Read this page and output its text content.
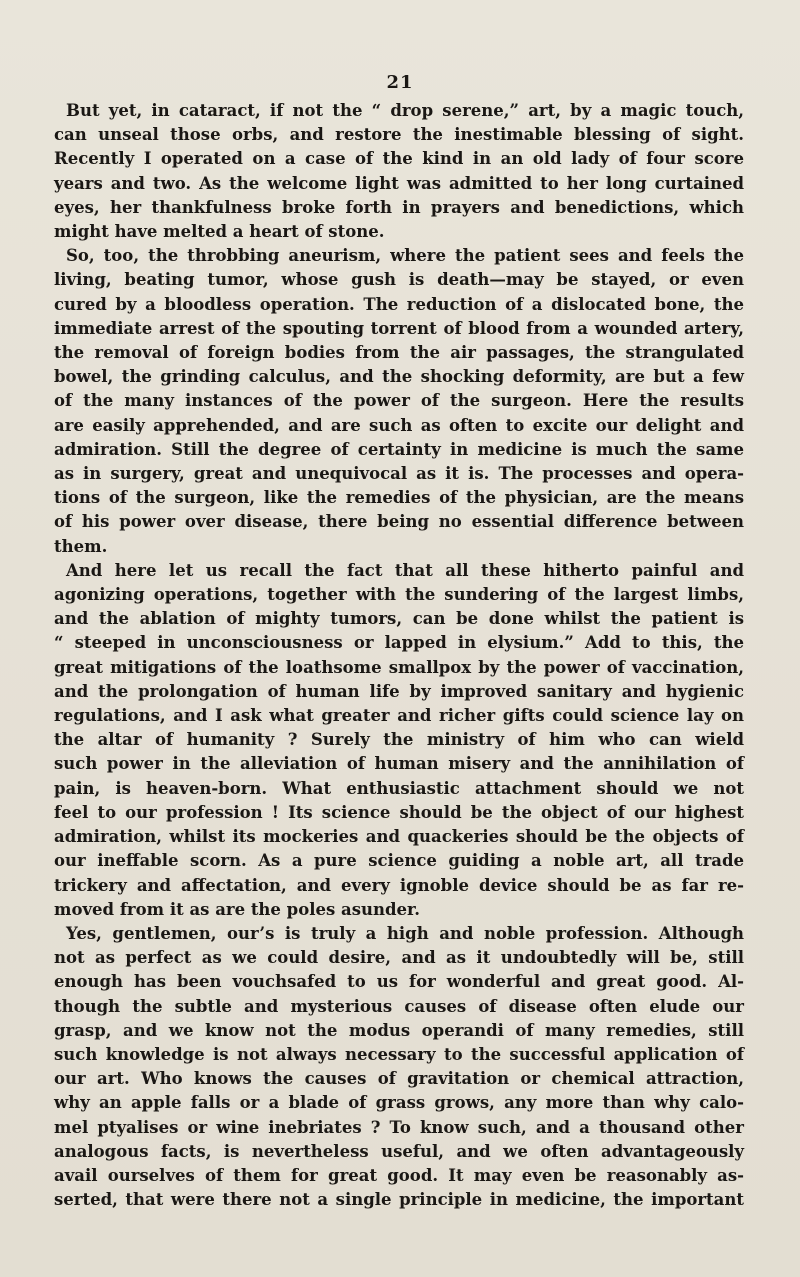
21
But yet, in cataract, if not the “ drop serene,” art, by a magic touch,
can unseal those orbs, and restore the inestimable blessing of sight.
Recently I operated on a case of the kind in an old lady of four score
years and two. As the welcome light was admitted to her long curtained
eyes, her thankfulness broke forth in prayers and benedictions, which
might have melted a heart of stone.
So, too, the throbbing aneurism, where the patient sees and feels the
living, beating tumor, whose gush is death—may be stayed, or even
cured by a bloodless operation. The reduction of a dislocated bone, the
immediate arrest of the spouting torrent of blood from a wounded artery,
the removal of foreign bodies from the air passages, the strangulated
bowel, the grinding calculus, and the shocking deformity, are but a few
of the many instances of the power of the surgeon. Here the results
are easily apprehended, and are such as often to excite our delight and
admiration. Still the degree of certainty in medicine is much the same
as in surgery, great and unequivocal as it is. The processes and opera-
tions of the surgeon, like the remedies of the physician, are the means
of his power over disease, there being no essential difference between
them.
And here let us recall the fact that all these hitherto painful and
agonizing operations, together with the sundering of the largest limbs,
and the ablation of mighty tumors, can be done whilst the patient is
“ steeped in unconsciousness or lapped in elysium.” Add to this, the
great mitigations of the loathsome smallpox by the power of vaccination,
and the prolongation of human life by improved sanitary and hygienic
regulations, and I ask what greater and richer gifts could science lay on
the altar of humanity ? Surely the ministry of him who can wield
such power in the alleviation of human misery and the annihilation of
pain, is heaven-born. What enthusiastic attachment should we not
feel to our profession ! Its science should be the object of our highest
admiration, whilst its mockeries and quackeries should be the objects of
our ineffable scorn. As a pure science guiding a noble art, all trade
trickery and affectation, and every ignoble device should be as far re-
moved from it as are the poles asunder.
Yes, gentlemen, our’s is truly a high and noble profession. Although
not as perfect as we could desire, and as it undoubtedly will be, still
enough has been vouchsafed to us for wonderful and great good. Al-
though the subtle and mysterious causes of disease often elude our
grasp, and we know not the modus operandi of many remedies, still
such knowledge is not always necessary to the successful application of
our art. Who knows the causes of gravitation or chemical attraction,
why an apple falls or a blade of grass grows, any more than why calo-
mel ptyalises or wine inebriates ? To know such, and a thousand other
analogous facts, is nevertheless useful, and we often advantageously
avail ourselves of them for great good. It may even be reasonably as-
serted, that were there not a single principle in medicine, the important
